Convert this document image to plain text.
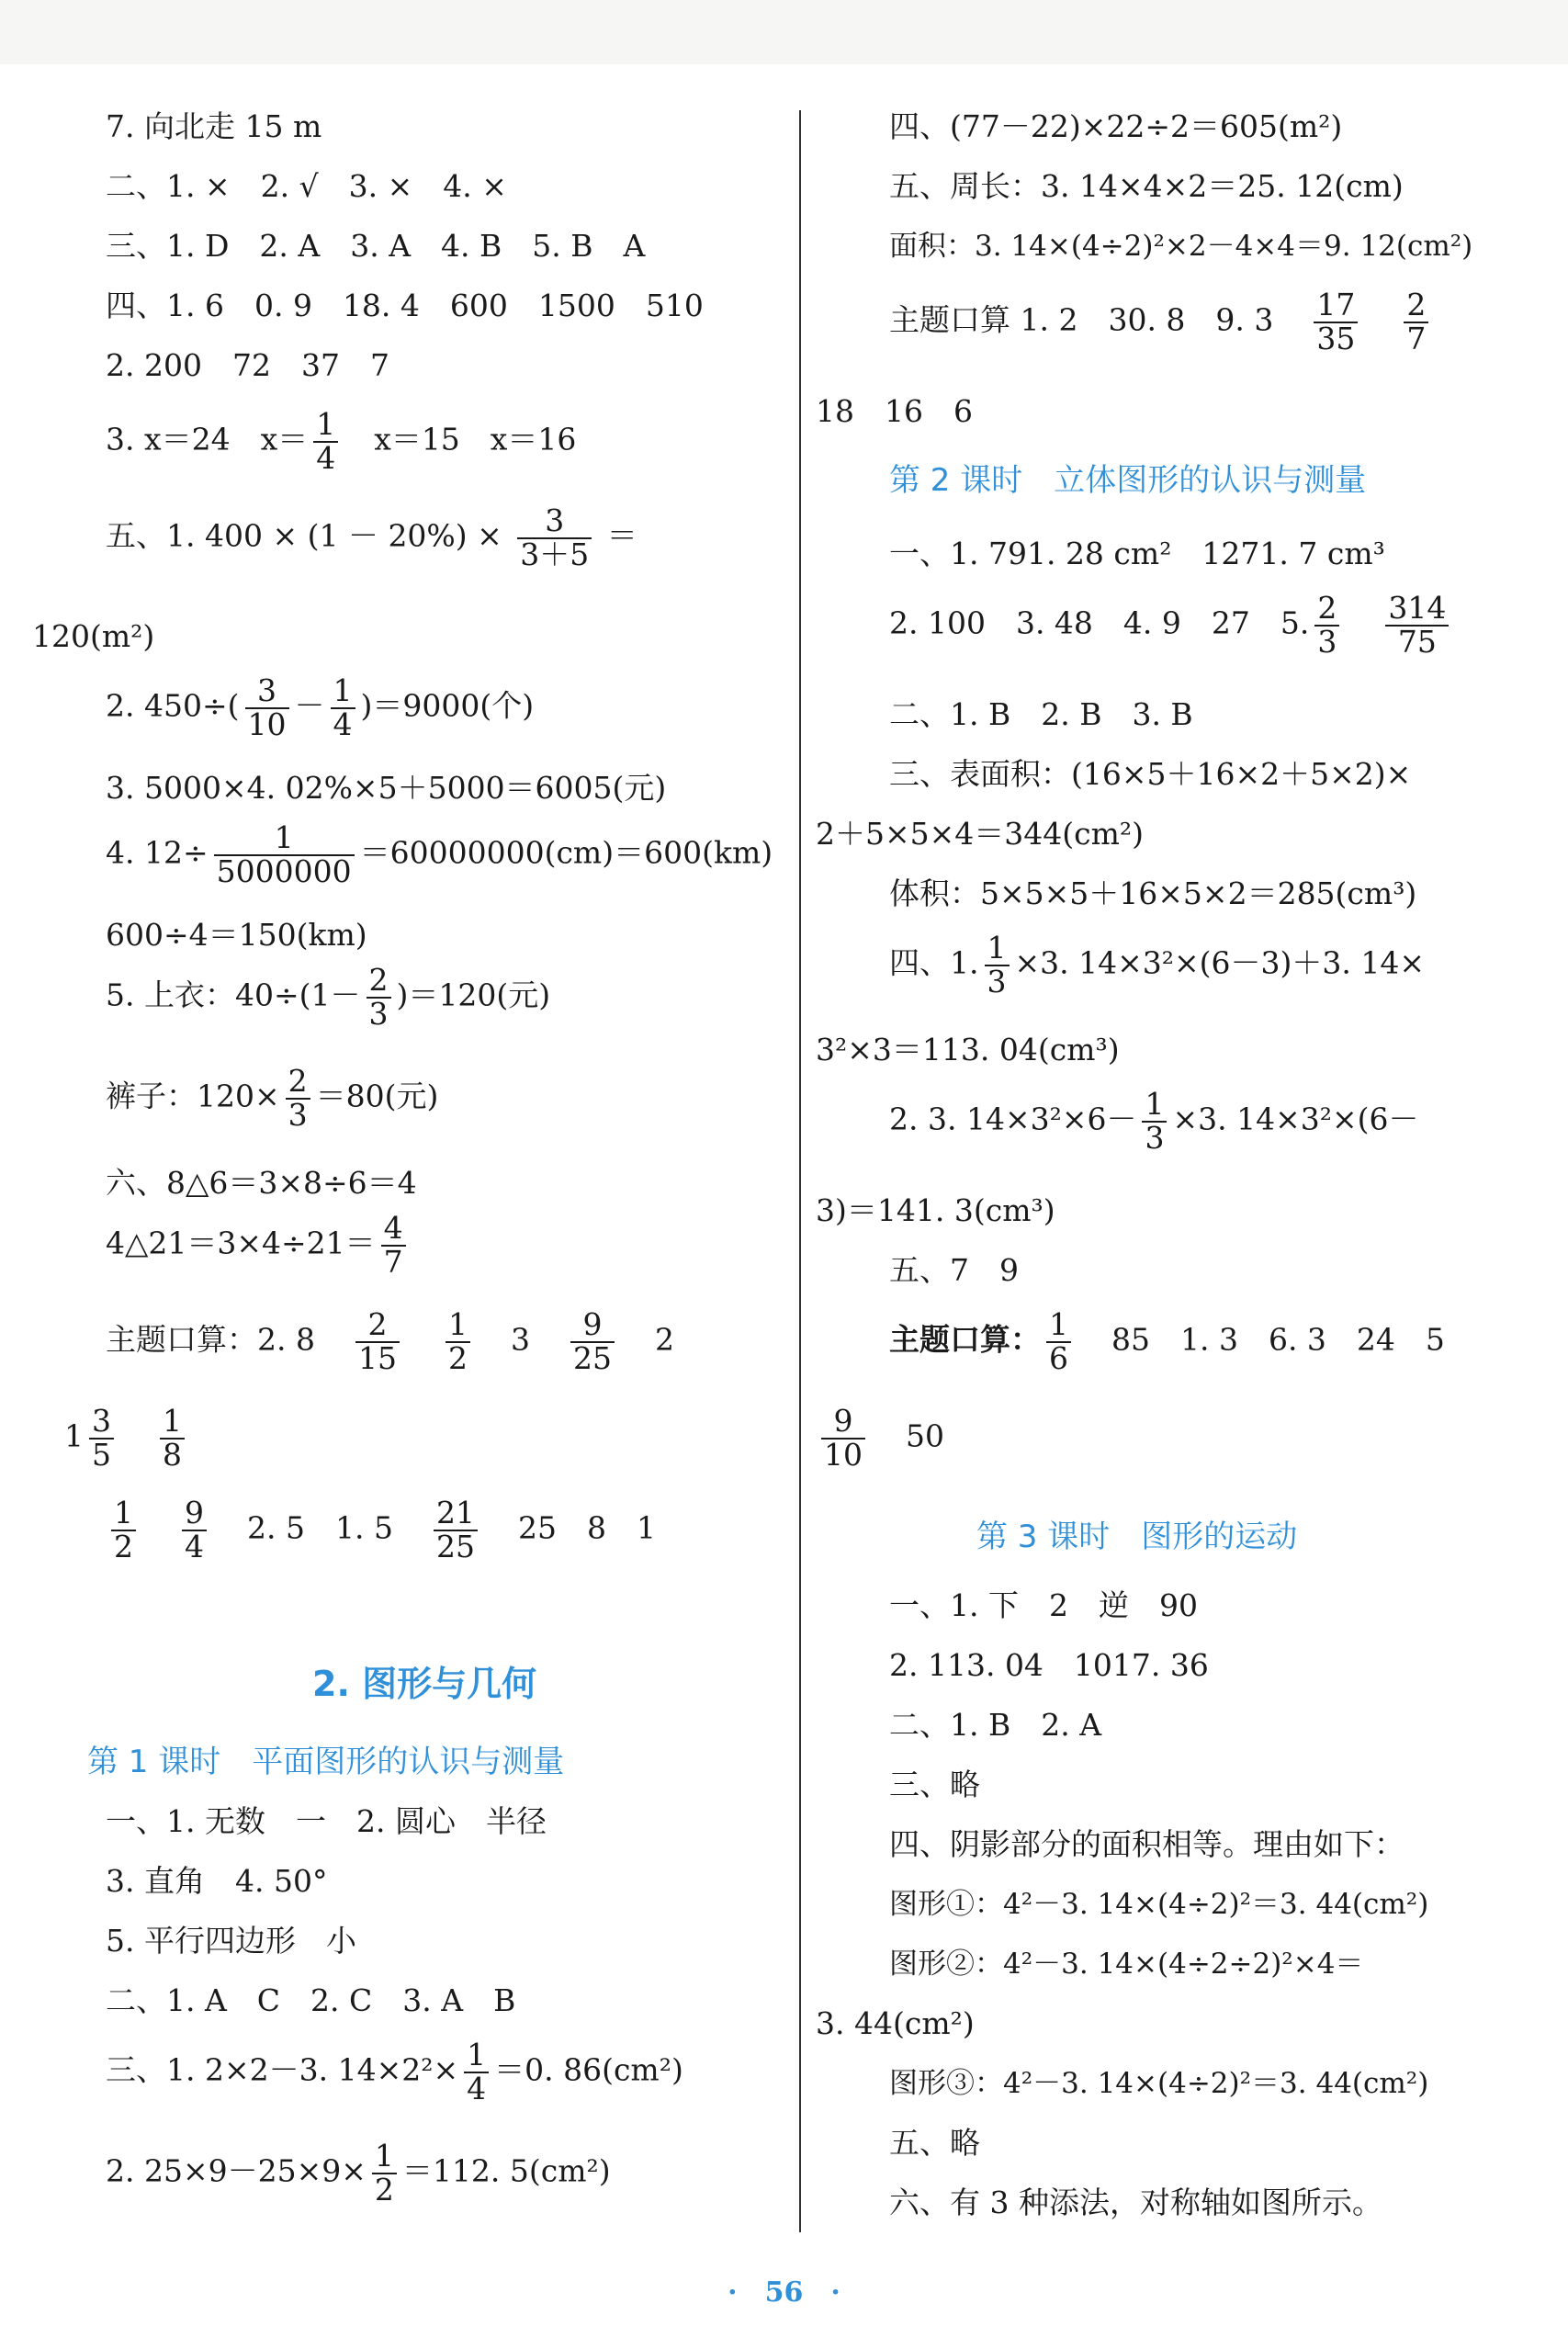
7. 向北走 15 m
二、1. ×　2. √　3. ×　4. ×
三、1. D　2. A　3. A　4. B　5. B　A
四、1. 6　0. 9　18. 4　600　1500　510
2. 200　72　37　7
3. x＝24　$x= \frac{1}{4}$ 　x＝15　x＝16
五、1. $400 \times (1 - 20\%) \times \frac{3}{3+5}$ ＝
120(m²)
2. $450\div( \frac{3}{10} - \frac{1}{4} )=9000$(个)
3. 5000×4. 02%×5＋5000＝6005(元)
4. $12\div \frac{1}{5000000} =60000000(cm)=600(km)$
600÷4＝150(km)
5. 上衣：$40\div(1- \frac{2}{3} )=120$(元)
裤子：$120\times \frac{2}{3} =80$(元)
六、8△6＝3×8÷6＝4
4△21＝3×4÷21＝ $\frac{4}{7}$
主题口算：2. $8 \frac{2}{15} \frac{1}{2} 3 \frac{9}{25} 2$
$1 \frac{3}{5} \frac{1}{8}$
$\frac{1}{2} \frac{9}{4} 2$. 5　1. $5 \frac{21}{25} 25$　8　1
2. 图形与几何
第 1 课时　平面图形的认识与测量
一、1. 无数　一　2. 圆心　半径
3. 直角　4. 50°
5. 平行四边形　小
二、1. A　C　2. C　3. A　B
三、1. 2×2－3. $14\times 2^2\times \frac{1}{4} =0$. 86(cm²)
2. $25\times 9-25\times 9\times \frac{1}{2} =112$. 5(cm²)
四、(77－22)×22÷2＝605(m²)
五、周长：3. 14×4×2＝25. 12(cm)
面积：3. 14×(4÷2)²×2－4×4＝9. 12(cm²)
主题口算 1. 2　30. 8　9. $3 \frac{17}{35} \frac{2}{7}$
18　16　6
第 2 课时　立体图形的认识与测量
一、1. 791. 28 cm²　1271. 7 cm³
2. 100　3. 48　4. 9　27　5. $\frac{2}{3} \frac{314}{75}$
二、1. B　2. B　3. B
三、表面积：(16×5＋16×2＋5×2)×
2＋5×5×4＝344(cm²)
体积：5×5×5＋16×5×2＝285(cm³)
四、1. $\frac{1}{3} \times 3$. 14×3²×(6－3)＋3. 14×
3²×3＝113. 04(cm³)
2. 3. $14\times 3^2\times 6- \frac{1}{3} \times 3$. 14×3²×(6－
3)＝141. 3(cm³)
五、7　9
主题口算： $\frac{1}{6} 85$　1. 3　6. 3　24　5
$\frac{9}{10} 50$
第 3 课时　图形的运动
一、1. 下　2　逆　90
2. 113. 04　1017. 36
二、1. B　2. A
三、略
四、阴影部分的面积相等。理由如下：
图形①：4²－3. 14×(4÷2)²＝3. 44(cm²)
图形②：4²－3. 14×(4÷2÷2)²×4＝
3. 44(cm²)
图形③：4²－3. 14×(4÷2)²＝3. 44(cm²)
五、略
六、有 3 种添法，对称轴如图所示。
·　56　·
